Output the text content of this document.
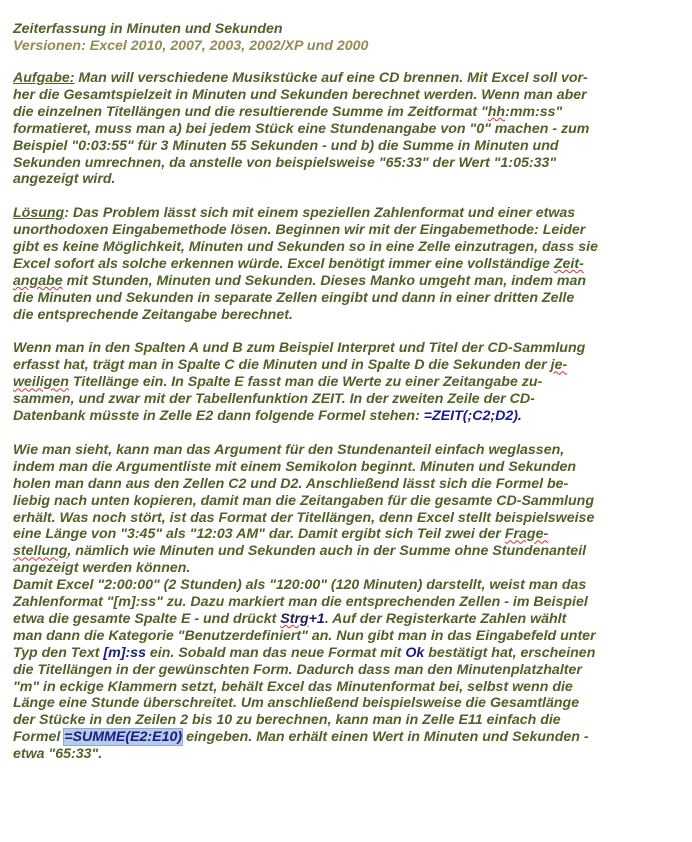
Zeiterfassung in Minuten und Sekunden

Versionen: Excel 2010, 2007, 2003, 2002/XP und 2000

Aufgabe: Man will verschiedene Musikstücke auf eine CD brennen. Mit Excel soll vor-

her die Gesamtspielzeit in Minuten und Sekunden berechnet werden. Wenn man aber

die einzelnen Titellängen und die resultierende Summe im Zeitformat "hh:mm:ss"

formatieret, muss man a) bei jedem Stück eine Stundenangabe von "0" machen - zum

Beispiel "0:03:55" für 3 Minuten 55 Sekunden - und b) die Summe in Minuten und

Sekunden umrechnen, da anstelle von beispielsweise "65:33" der Wert "1:05:33"

angezeigt wird.

Lösung: Das Problem lässt sich mit einem speziellen Zahlenformat und einer etwas

unorthodoxen Eingabemethode lösen. Beginnen wir mit der Eingabemethode: Leider

gibt es keine Möglichkeit, Minuten und Sekunden so in eine Zelle einzutragen, dass sie

Excel sofort als solche erkennen würde. Excel benötigt immer eine vollständige Zeit-

angabe mit Stunden, Minuten und Sekunden. Dieses Manko umgeht man, indem man

die Minuten und Sekunden in separate Zellen eingibt und dann in einer dritten Zelle

die entsprechende Zeitangabe berechnet.

Wenn man in den Spalten A und B zum Beispiel Interpret und Titel der CD-Sammlung

erfasst hat, trägt man in Spalte C die Minuten und in Spalte D die Sekunden der je-

weiligen Titellänge ein. In Spalte E fasst man die Werte zu einer Zeitangabe zu-

sammen, und zwar mit der Tabellenfunktion ZEIT. In der zweiten Zeile der CD-

Datenbank müsste in Zelle E2 dann folgende Formel stehen: =ZEIT(;C2;D2).

Wie man sieht, kann man das Argument für den Stundenanteil einfach weglassen,

indem man die Argumentliste mit einem Semikolon beginnt. Minuten und Sekunden

holen man dann aus den Zellen C2 und D2. Anschließend lässt sich die Formel be-

liebig nach unten kopieren, damit man die Zeitangaben für die gesamte CD-Sammlung

erhält. Was noch stört, ist das Format der Titellängen, denn Excel stellt beispielsweise

eine Länge von "3:45" als "12:03 AM" dar. Damit ergibt sich Teil zwei der Frage-

stellung, nämlich wie Minuten und Sekunden auch in der Summe ohne Stundenanteil

angezeigt werden können.

Damit Excel "2:00:00" (2 Stunden) als "120:00" (120 Minuten) darstellt, weist man das

Zahlenformat "[m]:ss" zu. Dazu markiert man die entsprechenden Zellen - im Beispiel

etwa die gesamte Spalte E - und drückt Strg+1. Auf der Registerkarte Zahlen wählt

man dann die Kategorie "Benutzerdefiniert" an. Nun gibt man in das Eingabefeld unter

Typ den Text [m]:ss ein. Sobald man das neue Format mit Ok bestätigt hat, erscheinen

die Titellängen in der gewünschten Form. Dadurch dass man den Minutenplatzhalter

"m" in eckige Klammern setzt, behält Excel das Minutenformat bei, selbst wenn die

Länge eine Stunde überschreitet. Um anschließend beispielsweise die Gesamtlänge

der Stücke in den Zeilen 2 bis 10 zu berechnen, kann man in Zelle E11 einfach die

Formel =SUMME(E2:E10) eingeben. Man erhält einen Wert in Minuten und Sekunden -

etwa "65:33".
